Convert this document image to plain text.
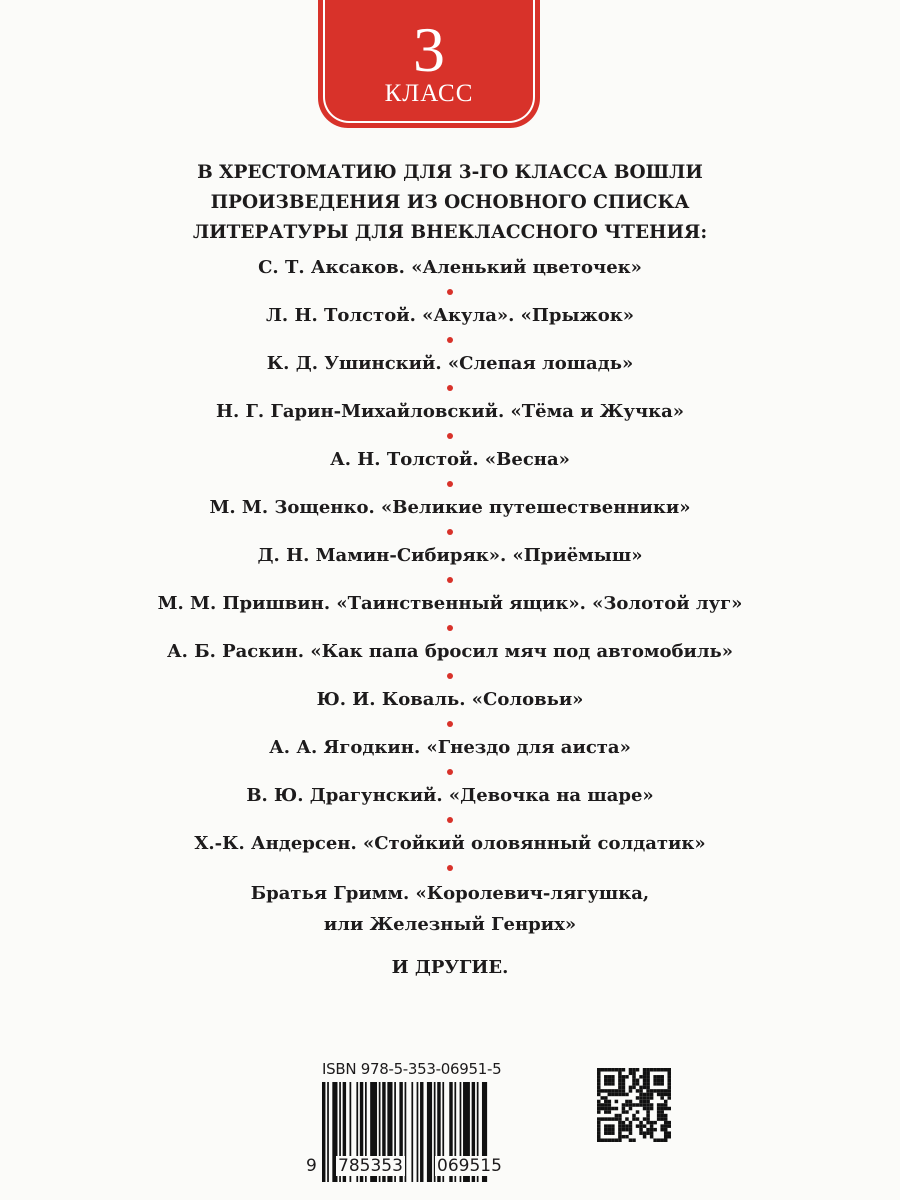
3
КЛАСС
В ХРЕСТОМАТИЮ ДЛЯ 3-ГО КЛАССА ВОШЛИ
ПРОИЗВЕДЕНИЯ ИЗ ОСНОВНОГО СПИСКА
ЛИТЕРАТУРЫ ДЛЯ ВНЕКЛАССНОГО ЧТЕНИЯ:
С. Т. Аксаков. «Аленький цветочек»
Л. Н. Толстой. «Акула». «Прыжок»
К. Д. Ушинский. «Слепая лошадь»
Н. Г. Гарин-Михайловский. «Тёма и Жучка»
А. Н. Толстой. «Весна»
М. М. Зощенко. «Великие путешественники»
Д. Н. Мамин-Сибиряк». «Приёмыш»
М. М. Пришвин. «Таинственный ящик». «Золотой луг»
А. Б. Раскин. «Как папа бросил мяч под автомобиль»
Ю. И. Коваль. «Соловьи»
А. А. Ягодкин. «Гнездо для аиста»
В. Ю. Драгунский. «Девочка на шаре»
Х.-К. Андерсен. «Стойкий оловянный солдатик»
Братья Гримм. «Королевич-лягушка,
или Железный Генрих»
И ДРУГИЕ.
ISBN 978-5-353-06951-5
9 785353 069515
